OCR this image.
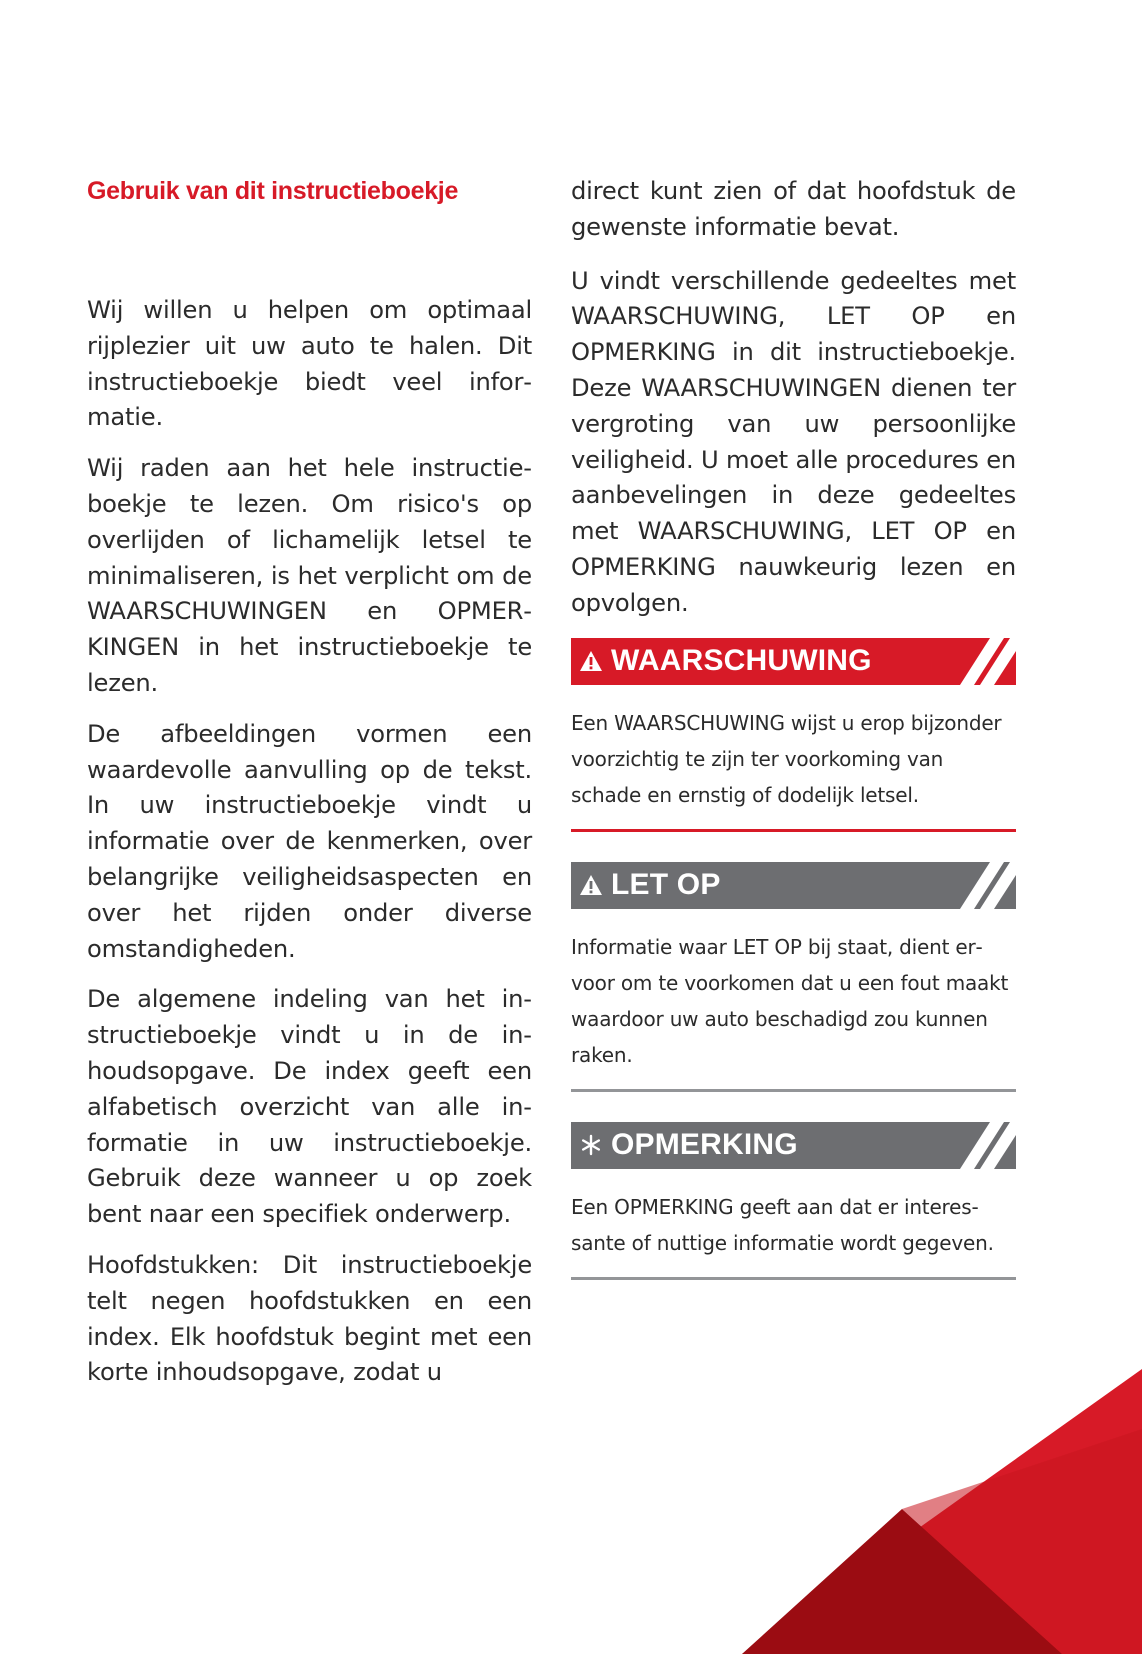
Gebruik van dit instructieboekje

Wij willen u helpen om optimaal rijplezier uit uw auto te halen. Dit instructieboekje biedt veel informatie.

Wij raden aan het hele instructieboekje te lezen. Om risico's op overlijden of lichamelijk letsel te minimaliseren, is het verplicht om de WAARSCHUWINGEN en OPMERKINGEN in het instructieboekje te lezen.

De afbeeldingen vormen een waardevolle aanvulling op de tekst. In uw instructieboekje vindt u informatie over de kenmerken, over belangrijke veiligheidsaspecten en over het rijden onder diverse omstandigheden.

De algemene indeling van het instructieboekje vindt u in de inhoudsopgave. De index geeft een alfabetisch overzicht van alle informatie in uw instructieboekje. Gebruik deze wanneer u op zoek bent naar een specifiek onderwerp.

Hoofdstukken: Dit instructieboekje telt negen hoofdstukken en een index. Elk hoofdstuk begint met een korte inhoudsopgave, zodat u

direct kunt zien of dat hoofdstuk de gewenste informatie bevat.

U vindt verschillende gedeeltes met WAARSCHUWING, LET OP en OPMERKING in dit instructieboekje. Deze WAARSCHUWINGEN dienen ter vergroting van uw persoonlijke veiligheid. U moet alle procedures en aanbevelingen in deze gedeeltes met WAARSCHUWING, LET OP en OPMERKING nauwkeurig lezen en opvolgen.

WAARSCHUWING

Een WAARSCHUWING wijst u erop bijzonder voorzichtig te zijn ter voorkoming van schade en ernstig of dodelijk letsel.

LET OP

Informatie waar LET OP bij staat, dient ervoor om te voorkomen dat u een fout maakt waardoor uw auto beschadigd zou kunnen raken.

OPMERKING

Een OPMERKING geeft aan dat er interessante of nuttige informatie wordt gegeven.
